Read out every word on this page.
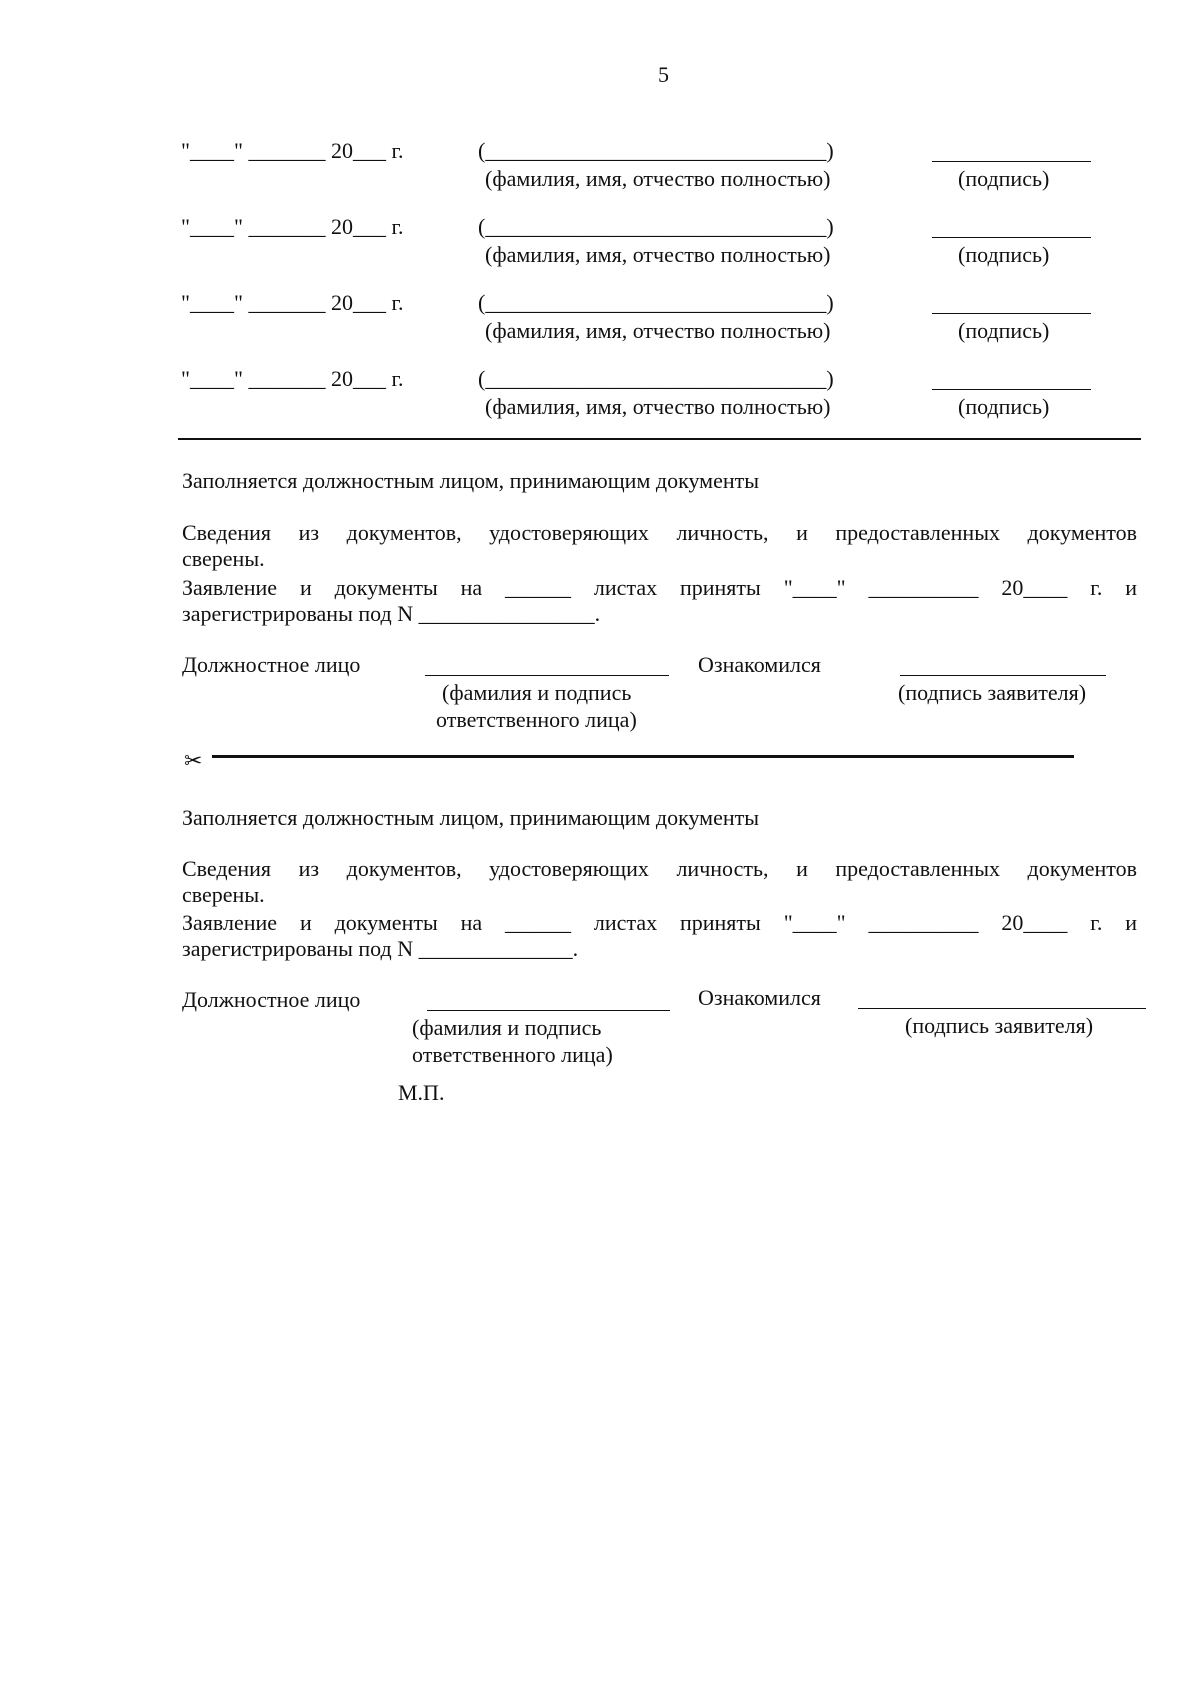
5
"____" _______ 20___ г.	(_______________________________)
(фамилия, имя, отчество полностью)	(подпись)
"____" _______ 20___ г.	(_______________________________)
(фамилия, имя, отчество полностью)	(подпись)
"____" _______ 20___ г.	(_______________________________)
(фамилия, имя, отчество полностью)	(подпись)
"____" _______ 20___ г.	(_______________________________)
(фамилия, имя, отчество полностью)	(подпись)
Заполняется должностным лицом, принимающим документы
Сведения из документов, удостоверяющих личность, и предоставленных документов
сверены.
Заявление и документы на ______ листах приняты "____" __________ 20____ г. и
зарегистрированы под N ________________.
Должностное лицо
(фамилия и подпись
ответственного лица)
Ознакомился
(подпись заявителя)
✂
Заполняется должностным лицом, принимающим документы
Сведения из документов, удостоверяющих личность, и предоставленных документов
сверены.
Заявление и документы на ______ листах приняты "____" __________ 20____ г. и
зарегистрированы под N ______________.
Должностное лицо
(фамилия и подпись
ответственного лица)
Ознакомился
(подпись заявителя)
М.П.
